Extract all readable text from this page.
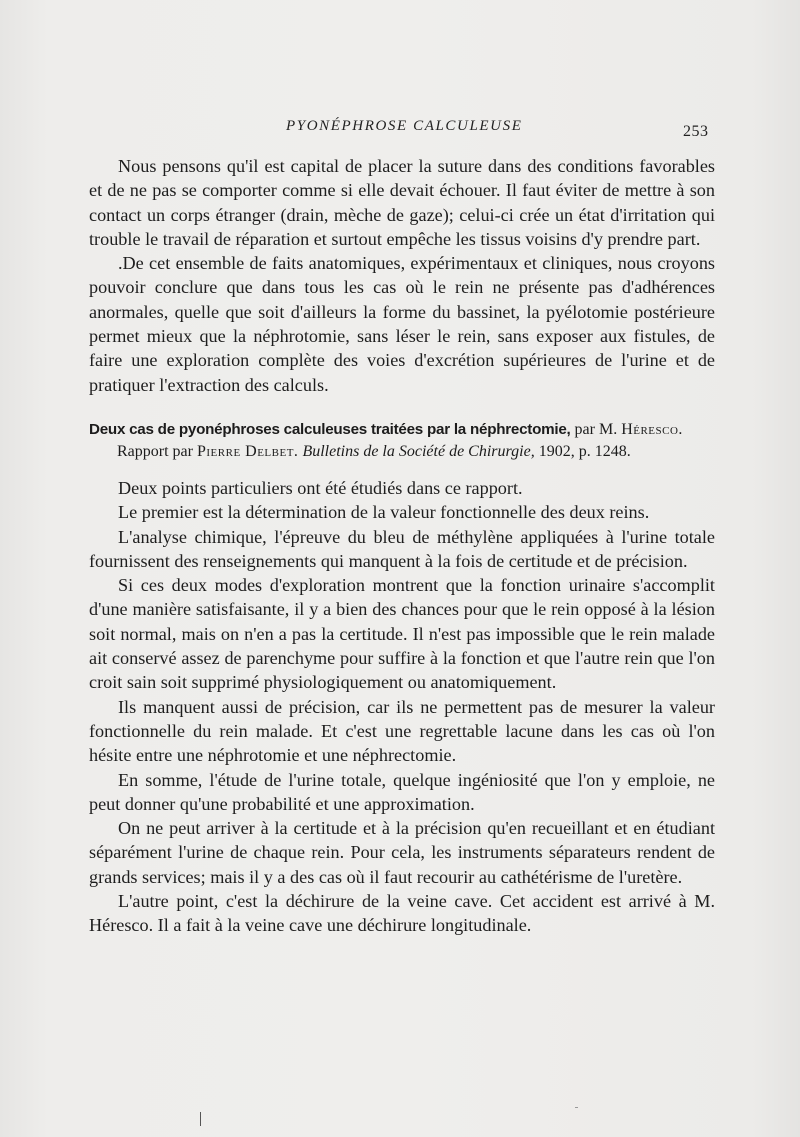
PYONÉPHROSE CALCULEUSE	253

Nous pensons qu'il est capital de placer la suture dans des conditions favorables et de ne pas se comporter comme si elle devait échouer. Il faut éviter de mettre à son contact un corps étranger (drain, mèche de gaze); celui-ci crée un état d'irritation qui trouble le travail de réparation et surtout empêche les tissus voisins d'y prendre part.

.De cet ensemble de faits anatomiques, expérimentaux et cliniques, nous croyons pouvoir conclure que dans tous les cas où le rein ne présente pas d'adhérences anormales, quelle que soit d'ailleurs la forme du bassinet, la pyélotomie postérieure permet mieux que la néphrotomie, sans léser le rein, sans exposer aux fistules, de faire une exploration complète des voies d'excrétion supérieures de l'urine et de pratiquer l'extraction des calculs.

Deux cas de pyonéphroses calculeuses traitées par la néphrectomie, par M. Héresco.

Rapport par Pierre Delbet. Bulletins de la Société de Chirurgie, 1902, p. 1248.

Deux points particuliers ont été étudiés dans ce rapport.

Le premier est la détermination de la valeur fonctionnelle des deux reins.

L'analyse chimique, l'épreuve du bleu de méthylène appliquées à l'urine totale fournissent des renseignements qui manquent à la fois de certitude et de précision.

Si ces deux modes d'exploration montrent que la fonction urinaire s'accomplit d'une manière satisfaisante, il y a bien des chances pour que le rein opposé à la lésion soit normal, mais on n'en a pas la certitude. Il n'est pas impossible que le rein malade ait conservé assez de parenchyme pour suffire à la fonction et que l'autre rein que l'on croit sain soit supprimé physiologiquement ou anatomiquement.

Ils manquent aussi de précision, car ils ne permettent pas de mesurer la valeur fonctionnelle du rein malade. Et c'est une regrettable lacune dans les cas où l'on hésite entre une néphrotomie et une néphrectomie.

En somme, l'étude de l'urine totale, quelque ingéniosité que l'on y emploie, ne peut donner qu'une probabilité et une approximation.

On ne peut arriver à la certitude et à la précision qu'en recueillant et en étudiant séparément l'urine de chaque rein. Pour cela, les instruments séparateurs rendent de grands services; mais il y a des cas où il faut recourir au cathétérisme de l'uretère.

L'autre point, c'est la déchirure de la veine cave. Cet accident est arrivé à M. Héresco. Il a fait à la veine cave une déchirure longitudinale.
